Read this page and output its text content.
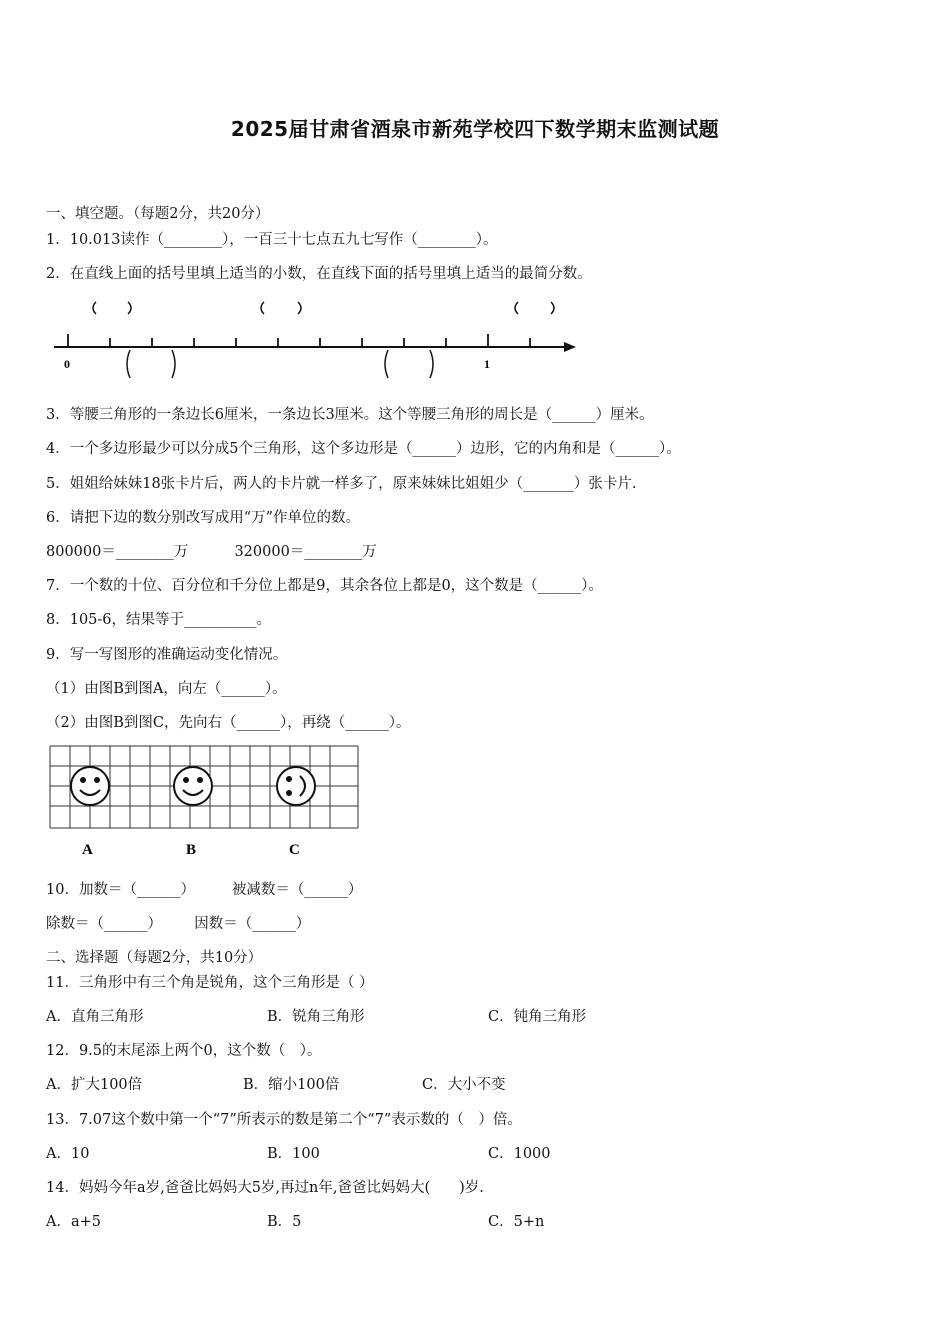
2025届甘肃省酒泉市新苑学校四下数学期末监测试题
一、填空题。（每题2分，共20分）
1．10.013读作（________），一百三十七点五九七写作（________）。
2．在直线上面的括号里填上适当的小数，在直线下面的括号里填上适当的最简分数。
0	1
3．等腰三角形的一条边长6厘米，一条边长3厘米。这个等腰三角形的周长是（______）厘米。
4．一个多边形最少可以分成5个三角形，这个多边形是（______）边形，它的内角和是（______）。
5．姐姐给妹妹18张卡片后，两人的卡片就一样多了，原来妹妹比姐姐少（_______）张卡片.
6．请把下边的数分别改写成用“万”作单位的数。
800000＝________万          320000＝________万
7．一个数的十位、百分位和千分位上都是9，其余各位上都是0，这个数是（______）。
8．105-6，结果等于__________。
9．写一写图形的准确运动变化情况。
（1）由图B到图A，向左（______）。
（2）由图B到图C，先向右（______），再绕（______）。
A	B	C
10．加数＝（______）        被减数＝（______）
除数＝（______）       因数＝（______）
二、选择题（每题2分，共10分）
11．三角形中有三个角是锐角，这个三角形是（ ）
A．直角三角形	B．锐角三角形	C．钝角三角形
12．9.5的末尾添上两个0，这个数（　）。
A．扩大100倍	B．缩小100倍	C．大小不变
13．7.07这个数中第一个“7”所表示的数是第二个“7”表示数的（　）倍。
A．10	B．100	C．1000
14．妈妈今年a岁,爸爸比妈妈大5岁,再过n年,爸爸比妈妈大(　　)岁.
A．a+5	B．5	C．5+n
